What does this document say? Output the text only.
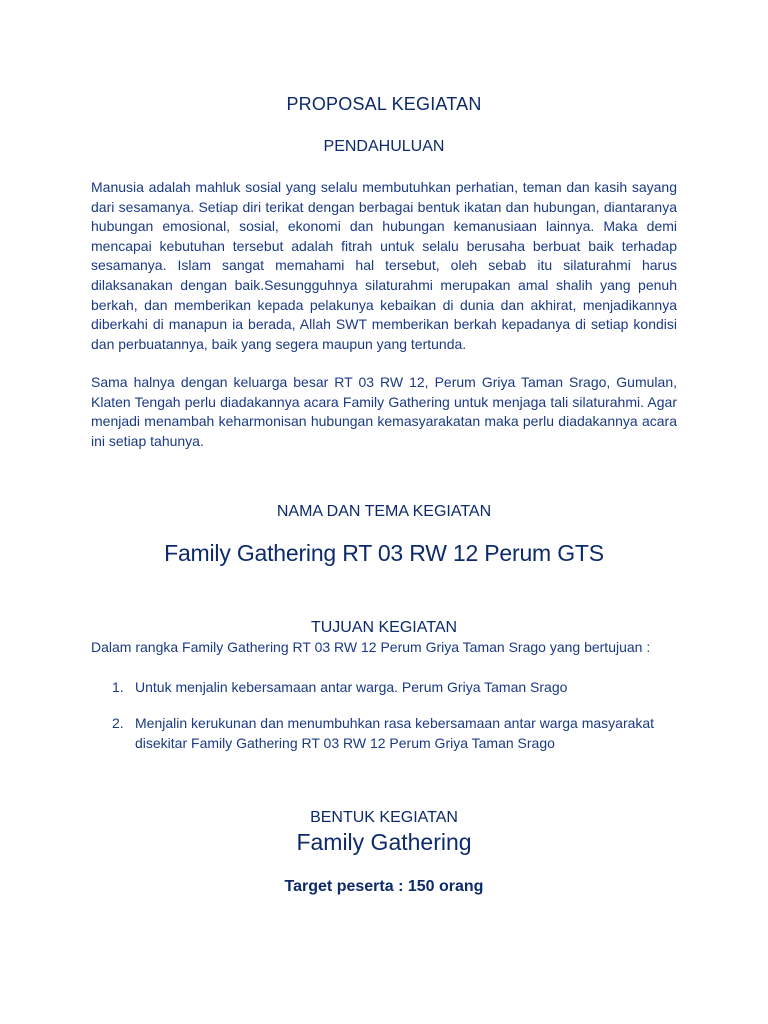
PROPOSAL KEGIATAN
PENDAHULUAN

Manusia adalah mahluk sosial yang selalu membutuhkan perhatian, teman dan kasih sayang dari sesamanya. Setiap diri terikat dengan berbagai bentuk ikatan dan hubungan, diantaranya hubungan emosional, sosial, ekonomi dan hubungan kemanusiaan lainnya. Maka demi mencapai kebutuhan tersebut adalah fitrah untuk selalu berusaha berbuat baik terhadap sesamanya. Islam sangat memahami hal tersebut, oleh sebab itu silaturahmi harus dilaksanakan dengan baik.Sesungguhnya silaturahmi merupakan amal shalih yang penuh berkah, dan memberikan kepada pelakunya kebaikan di dunia dan akhirat, menjadikannya diberkahi di manapun ia berada, Allah SWT memberikan berkah kepadanya di setiap kondisi dan perbuatannya, baik yang segera maupun yang tertunda.

Sama halnya dengan keluarga besar RT 03 RW 12, Perum Griya Taman Srago, Gumulan, Klaten Tengah perlu diadakannya acara Family Gathering untuk menjaga tali silaturahmi. Agar menjadi menambah keharmonisan hubungan kemasyarakatan maka perlu diadakannya acara ini setiap tahunya.

NAMA DAN TEMA KEGIATAN
Family Gathering RT 03 RW 12 Perum GTS
TUJUAN KEGIATAN
Dalam rangka Family Gathering RT 03 RW 12 Perum Griya Taman Srago yang bertujuan :
1. Untuk menjalin kebersamaan antar warga. Perum Griya Taman Srago
2. Menjalin kerukunan dan menumbuhkan rasa kebersamaan antar warga masyarakat disekitar Family Gathering RT 03 RW 12 Perum Griya Taman Srago
BENTUK KEGIATAN
Family Gathering
Target peserta : 150 orang
